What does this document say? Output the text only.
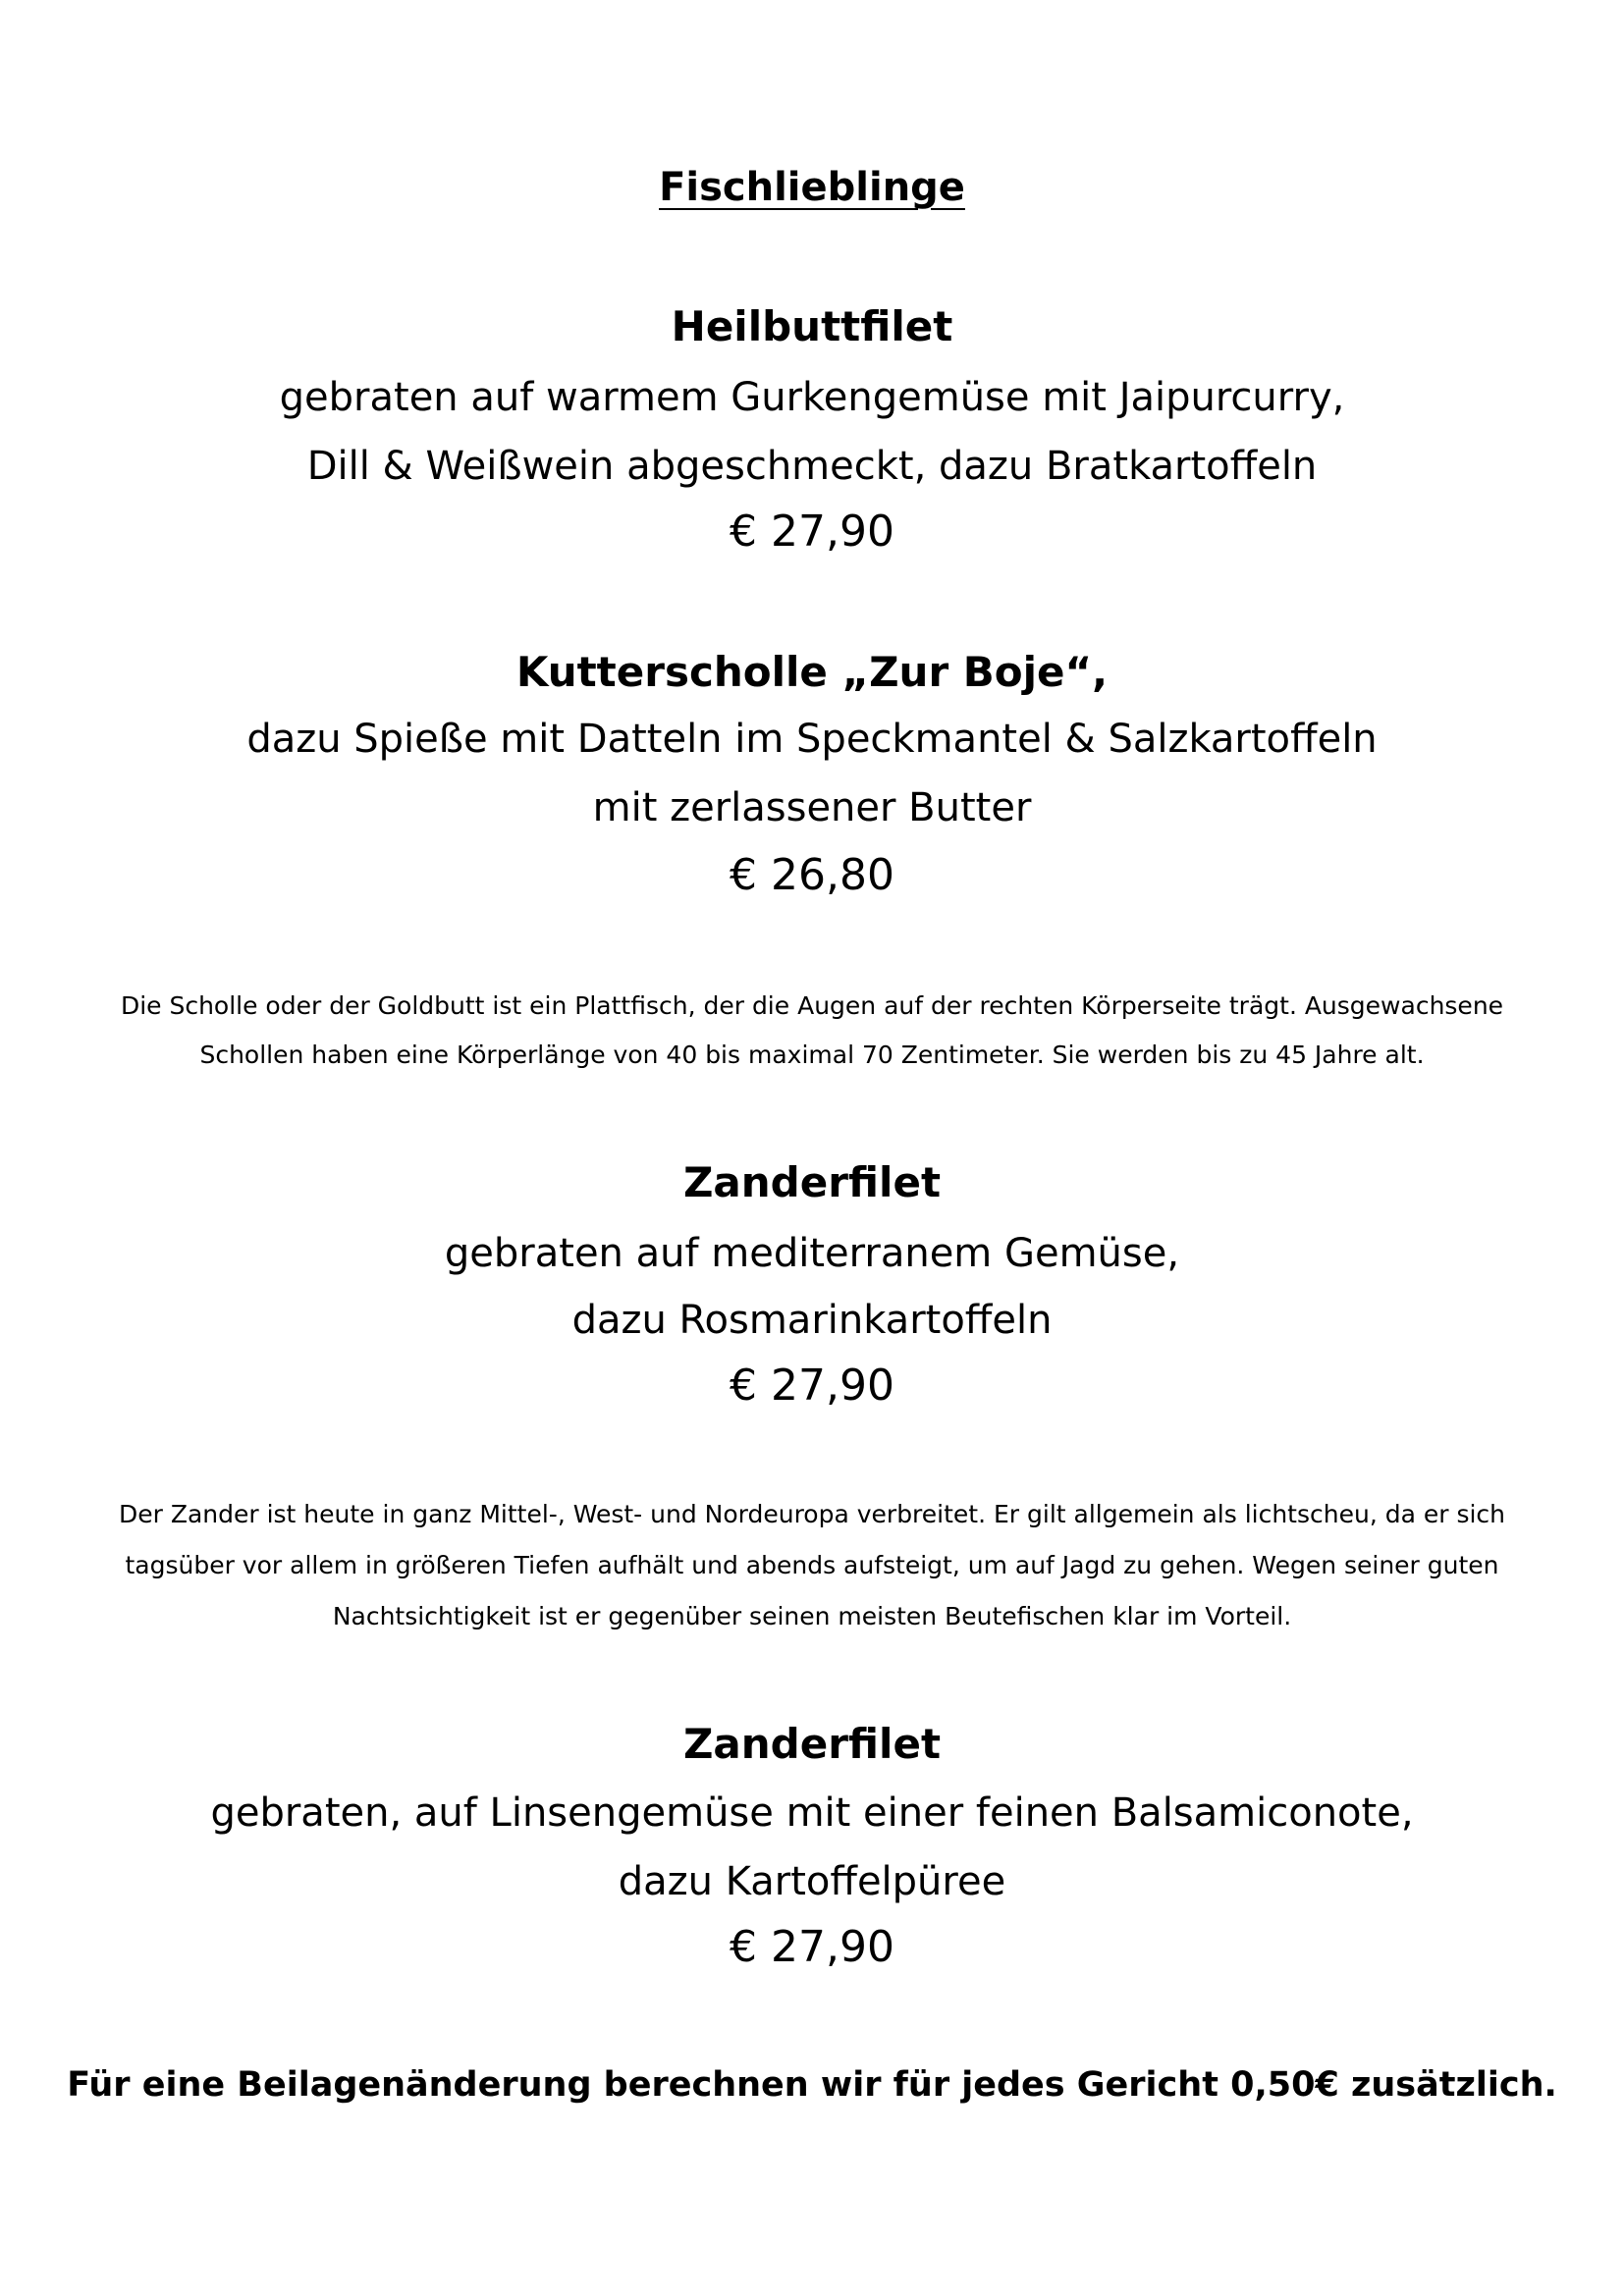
Fischlieblinge
Heilbuttfilet
gebraten auf warmem Gurkengemüse mit Jaipurcurry,
Dill & Weißwein abgeschmeckt, dazu Bratkartoffeln
€ 27,90
Kutterscholle „Zur Boje“,
dazu Spieße mit Datteln im Speckmantel & Salzkartoffeln
mit zerlassener Butter
€ 26,80
Die Scholle oder der Goldbutt ist ein Plattfisch, der die Augen auf der rechten Körperseite trägt. Ausgewachsene
Schollen haben eine Körperlänge von 40 bis maximal 70 Zentimeter. Sie werden bis zu 45 Jahre alt.
Zanderfilet
gebraten auf mediterranem Gemüse,
dazu Rosmarinkartoffeln
€ 27,90
Der Zander ist heute in ganz Mittel-, West- und Nordeuropa verbreitet. Er gilt allgemein als lichtscheu, da er sich
tagsüber vor allem in größeren Tiefen aufhält und abends aufsteigt, um auf Jagd zu gehen. Wegen seiner guten
Nachtsichtigkeit ist er gegenüber seinen meisten Beutefischen klar im Vorteil.
Zanderfilet
gebraten, auf Linsengemüse mit einer feinen Balsamiconote,
dazu Kartoffelpüree
€ 27,90
Für eine Beilagenänderung berechnen wir für jedes Gericht 0,50€ zusätzlich.
